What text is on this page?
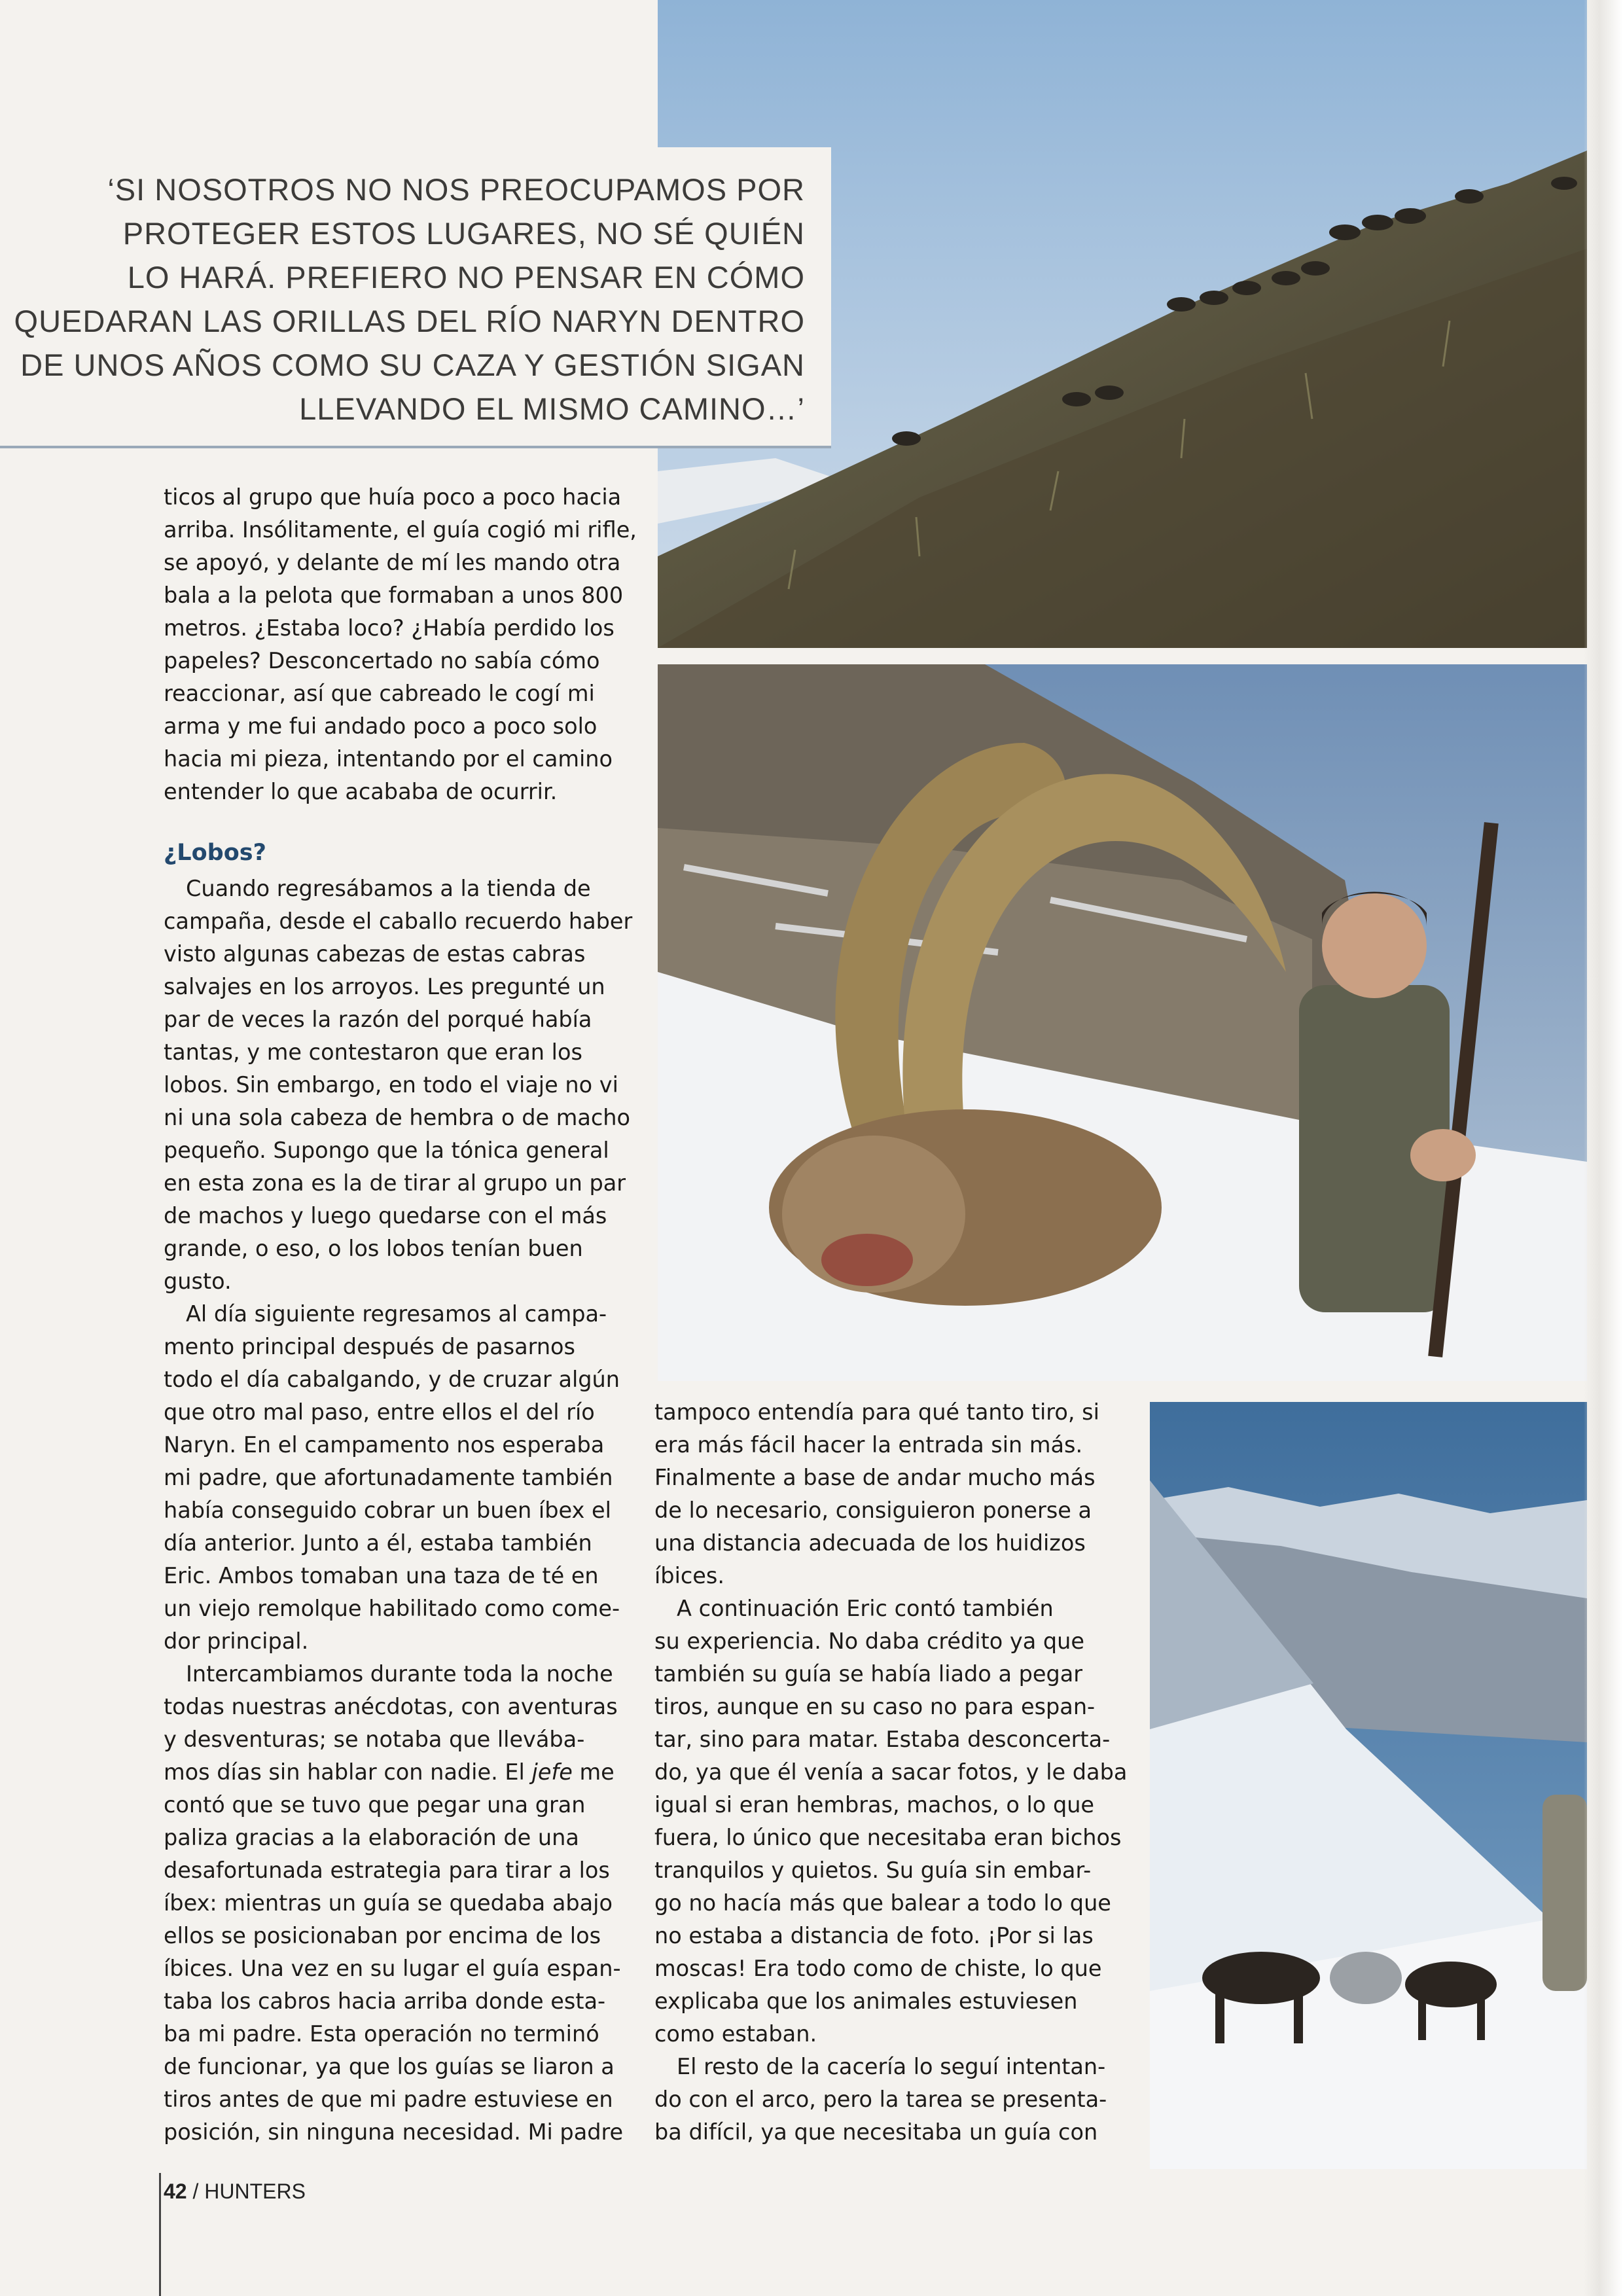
‘SI NOSOTROS NO NOS PREOCUPAMOS POR
PROTEGER ESTOS LUGARES, NO SÉ QUIÉN
LO HARÁ. PREFIERO NO PENSAR EN CÓMO
QUEDARAN LAS ORILLAS DEL RÍO NARYN DENTRO
DE UNOS AÑOS COMO SU CAZA Y GESTIÓN SIGAN
LLEVANDO EL MISMO CAMINO…’
ticos al grupo que huía poco a poco hacia
arriba. Insólitamente, el guía cogió mi rifle,
se apoyó, y delante de mí les mando otra
bala a la pelota que formaban a unos 800
metros. ¿Estaba loco? ¿Había perdido los
papeles? Desconcertado no sabía cómo
reaccionar, así que cabreado le cogí mi
arma y me fui andado poco a poco solo
hacia mi pieza, intentando por el camino
entender lo que acababa de ocurrir.
¿Lobos?
Cuando regresábamos a la tienda de
campaña, desde el caballo recuerdo haber
visto algunas cabezas de estas cabras
salvajes en los arroyos. Les pregunté un
par de veces la razón del porqué había
tantas, y me contestaron que eran los
lobos. Sin embargo, en todo el viaje no vi
ni una sola cabeza de hembra o de macho
pequeño. Supongo que la tónica general
en esta zona es la de tirar al grupo un par
de machos y luego quedarse con el más
grande, o eso, o los lobos tenían buen
gusto.
Al día siguiente regresamos al campa-
mento principal después de pasarnos
todo el día cabalgando, y de cruzar algún
que otro mal paso, entre ellos el del río
Naryn. En el campamento nos esperaba
mi padre, que afortunadamente también
había conseguido cobrar un buen íbex el
día anterior. Junto a él, estaba también
Eric. Ambos tomaban una taza de té en
un viejo remolque habilitado como come-
dor principal.
Intercambiamos durante toda la noche
todas nuestras anécdotas, con aventuras
y desventuras; se notaba que llevába-
mos días sin hablar con nadie. El jefe me
contó que se tuvo que pegar una gran
paliza gracias a la elaboración de una
desafortunada estrategia para tirar a los
íbex: mientras un guía se quedaba abajo
ellos se posicionaban por encima de los
íbices. Una vez en su lugar el guía espan-
taba los cabros hacia arriba donde esta-
ba mi padre. Esta operación no terminó
de funcionar, ya que los guías se liaron a
tiros antes de que mi padre estuviese en
posición, sin ninguna necesidad. Mi padre
tampoco entendía para qué tanto tiro, si
era más fácil hacer la entrada sin más.
Finalmente a base de andar mucho más
de lo necesario, consiguieron ponerse a
una distancia adecuada de los huidizos
íbices.
A continuación Eric contó también
su experiencia. No daba crédito ya que
también su guía se había liado a pegar
tiros, aunque en su caso no para espan-
tar, sino para matar. Estaba desconcerta-
do, ya que él venía a sacar fotos, y le daba
igual si eran hembras, machos, o lo que
fuera, lo único que necesitaba eran bichos
tranquilos y quietos. Su guía sin embar-
go no hacía más que balear a todo lo que
no estaba a distancia de foto. ¡Por si las
moscas! Era todo como de chiste, lo que
explicaba que los animales estuviesen
como estaban.
El resto de la cacería lo seguí intentan-
do con el arco, pero la tarea se presenta-
ba difícil, ya que necesitaba un guía con
42 / HUNTERS
